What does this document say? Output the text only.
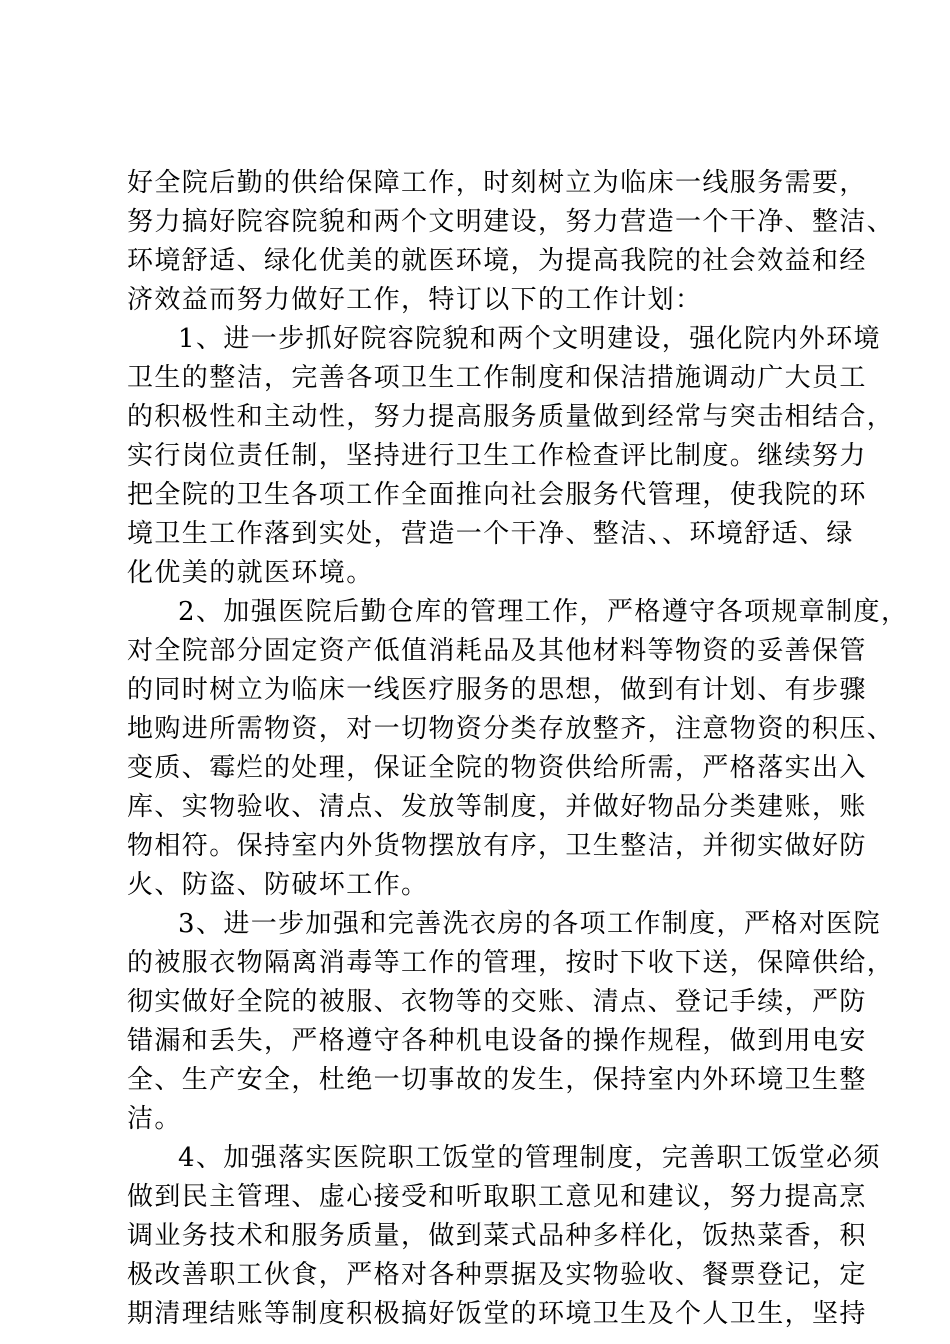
好全院后勤的供给保障工作，时刻树立为临床一线服务需要，
努力搞好院容院貌和两个文明建设，努力营造一个干净、整洁、
环境舒适、绿化优美的就医环境，为提高我院的社会效益和经
济效益而努力做好工作，特订以下的工作计划：
1、进一步抓好院容院貌和两个文明建设，强化院内外环境
卫生的整洁，完善各项卫生工作制度和保洁措施调动广大员工
的积极性和主动性，努力提高服务质量做到经常与突击相结合，
实行岗位责任制，坚持进行卫生工作检查评比制度。继续努力
把全院的卫生各项工作全面推向社会服务代管理，使我院的环
境卫生工作落到实处，营造一个干净、整洁、、环境舒适、绿
化优美的就医环境。
2、加强医院后勤仓库的管理工作，严格遵守各项规章制度，
对全院部分固定资产低值消耗品及其他材料等物资的妥善保管
的同时树立为临床一线医疗服务的思想，做到有计划、有步骤
地购进所需物资，对一切物资分类存放整齐，注意物资的积压、
变质、霉烂的处理，保证全院的物资供给所需，严格落实出入
库、实物验收、清点、发放等制度，并做好物品分类建账，账
物相符。保持室内外货物摆放有序，卫生整洁，并彻实做好防
火、防盗、防破坏工作。
3、进一步加强和完善洗衣房的各项工作制度，严格对医院
的被服衣物隔离消毒等工作的管理，按时下收下送，保障供给，
彻实做好全院的被服、衣物等的交账、清点、登记手续，严防
错漏和丢失，严格遵守各种机电设备的操作规程，做到用电安
全、生产安全，杜绝一切事故的发生，保持室内外环境卫生整
洁。
4、加强落实医院职工饭堂的管理制度，完善职工饭堂必须
做到民主管理、虚心接受和听取职工意见和建议，努力提高烹
调业务技术和服务质量，做到菜式品种多样化，饭热菜香，积
极改善职工伙食，严格对各种票据及实物验收、餐票登记，定
期清理结账等制度积极搞好饭堂的环境卫生及个人卫生，坚持
